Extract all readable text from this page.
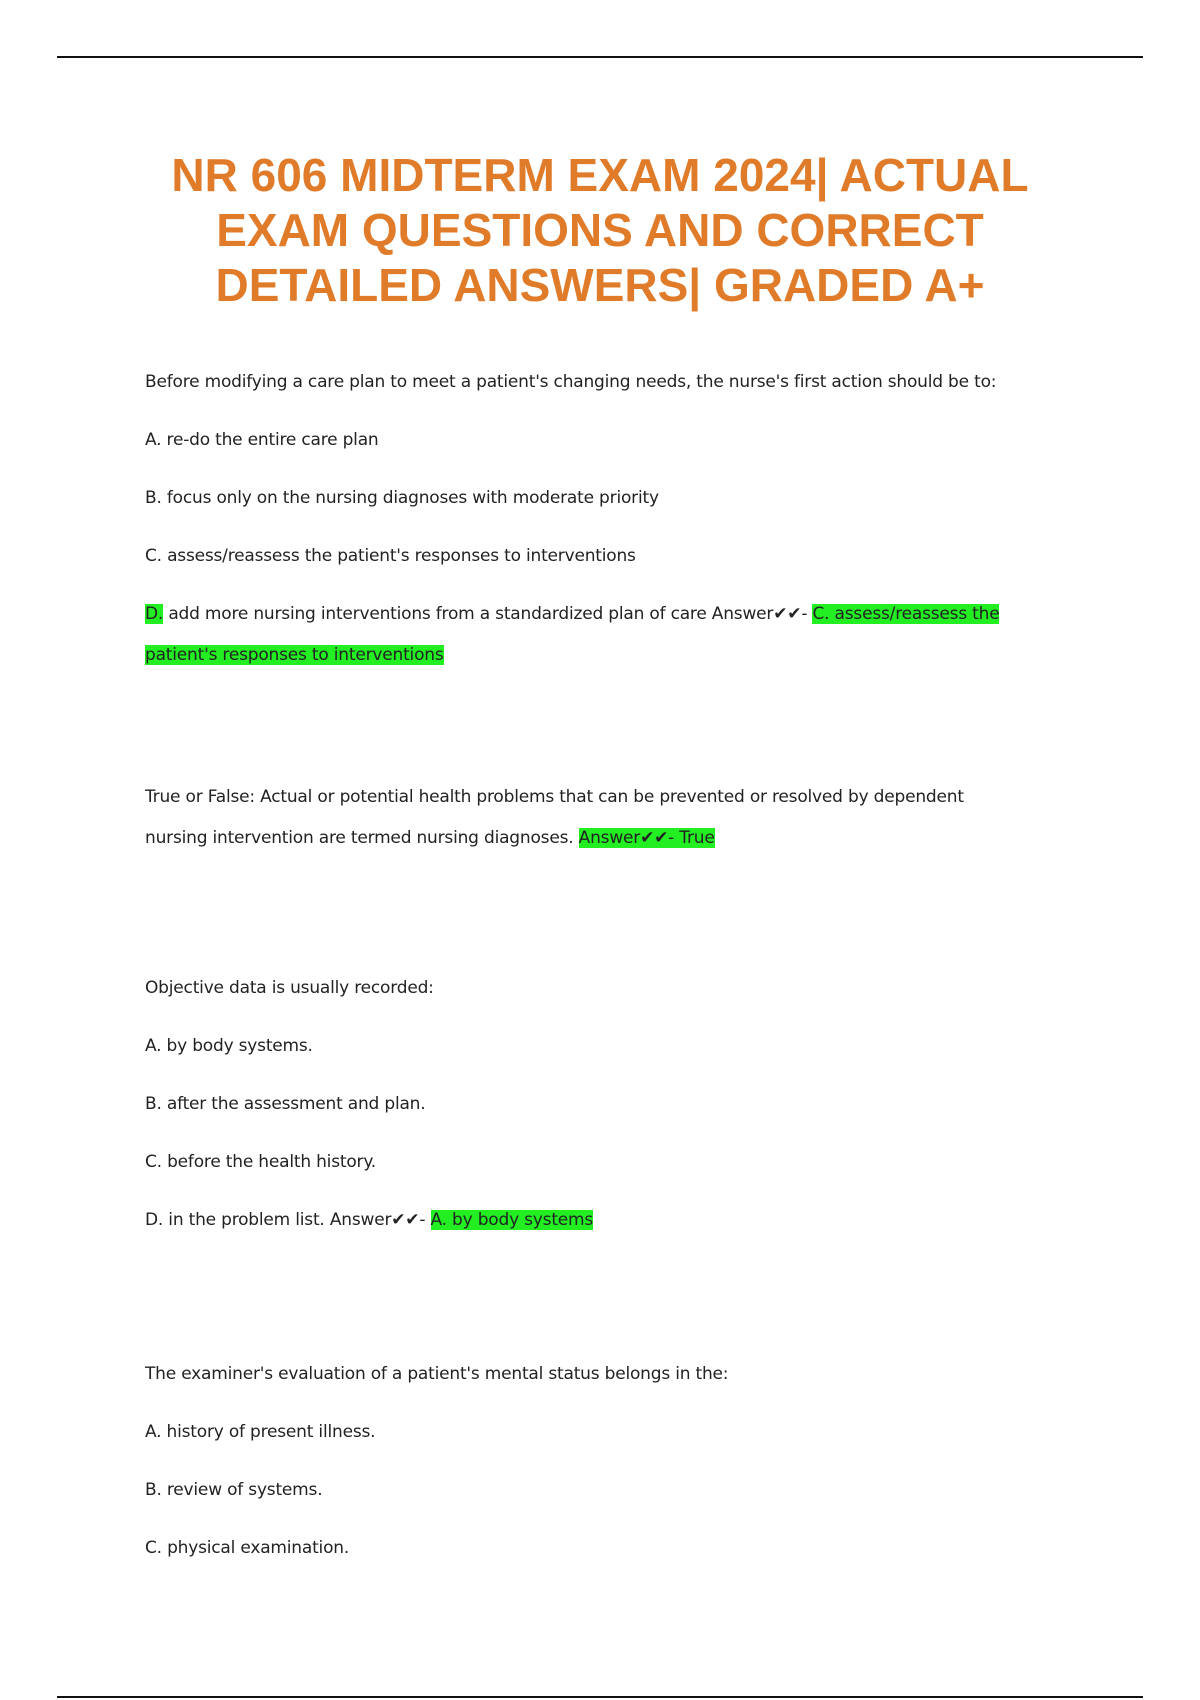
NR 606 MIDTERM EXAM 2024| ACTUAL EXAM QUESTIONS AND CORRECT DETAILED ANSWERS| GRADED A+
Before modifying a care plan to meet a patient's changing needs, the nurse's first action should be to:
A. re-do the entire care plan
B. focus only on the nursing diagnoses with moderate priority
C. assess/reassess the patient's responses to interventions
D. add more nursing interventions from a standardized plan of care Answer✔✔- C. assess/reassess the
patient's responses to interventions
True or False: Actual or potential health problems that can be prevented or resolved by dependent
nursing intervention are termed nursing diagnoses. Answer✔✔- True
Objective data is usually recorded:
A. by body systems.
B. after the assessment and plan.
C. before the health history.
D. in the problem list. Answer✔✔- A. by body systems
The examiner's evaluation of a patient's mental status belongs in the:
A. history of present illness.
B. review of systems.
C. physical examination.
